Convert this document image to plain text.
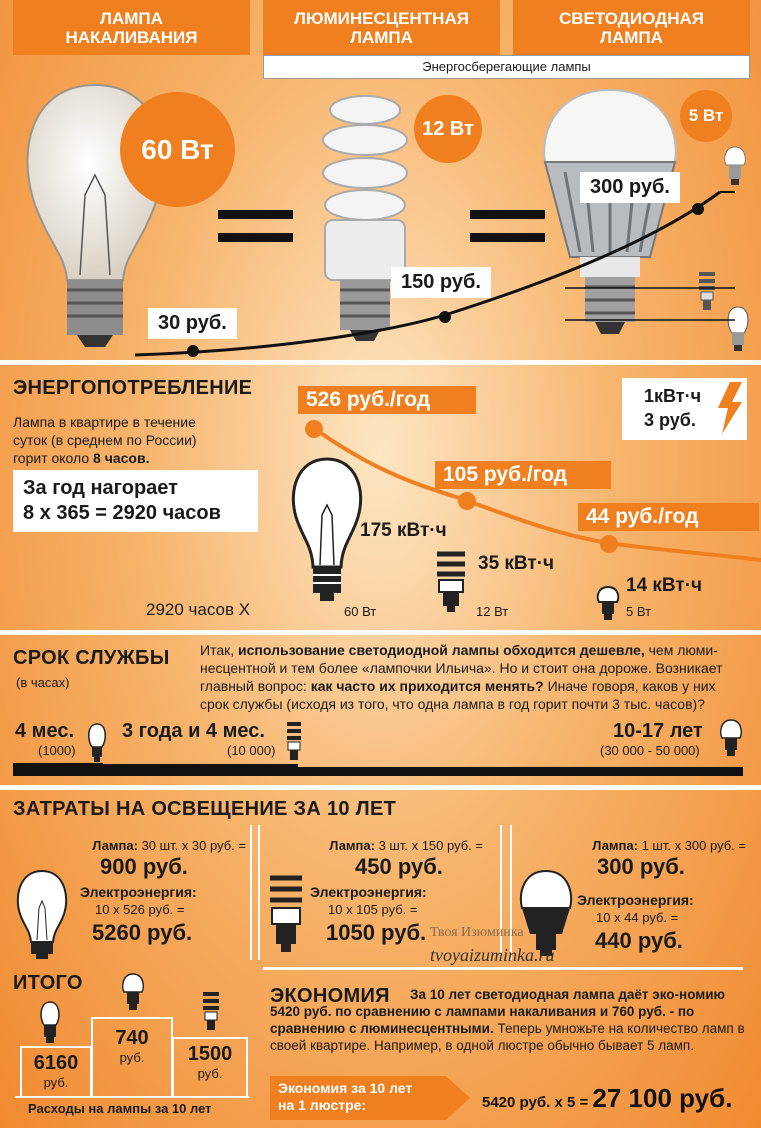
ЛАМПА
НАКАЛИВАНИЯ
ЛЮМИНЕСЦЕНТНАЯ
ЛАМПА
СВЕТОДИОДНАЯ
ЛАМПА
Энергосберегающие лампы
60 Вт
12 Вт
5 Вт
30 руб.
150 руб.
300 руб.
ЭНЕРГОПОТРЕБЛЕНИЕ
Лампа в квартире в течение
суток (в среднем по России)
горит около 8 часов.
За год нагорает
8 х 365 = 2920 часов
1кВт·ч
3 руб.
526 руб./год
105 руб./год
44 руб./год
175 кВт·ч
35 кВт·ч
14 кВт·ч
2920 часов Х	60 Вт	12 Вт	5 Вт
СРОК СЛУЖБЫ
(в часах)
Итак, использование светодиодной лампы обходится дешевле, чем люми-несцентной и тем более «лампочки Ильича». Но и стоит она дороже. Возникает главный вопрос: как часто их приходится менять? Иначе говоря, каков у них срок службы (исходя из того, что одна лампа в год горит почти 3 тыс. часов)?
4 мес.
(1000)
3 года и 4 мес.
(10 000)
10-17 лет
(30 000 - 50 000)
ЗАТРАТЫ НА ОСВЕЩЕНИЕ ЗА 10 ЛЕТ
Лампа: 30 шт. х 30 руб. =
900 руб.
Электроэнергия:
10 х 526 руб. =
5260 руб.
Лампа: 3 шт. х 150 руб. =
450 руб.
Электроэнергия:
10 х 105 руб. =
1050 руб.
Лампа: 1 шт. х 300 руб. =
300 руб.
Электроэнергия:
10 х 44 руб. =
440 руб.
Твоя Изюминка
tvoyaizuminka.ru
ИТОГО
6160
руб.
740
руб.	1500
руб.
Расходы на лампы за 10 лет
ЭКОНОМИЯ	За 10 лет светодиодная лампа даёт эко-номию 5420 руб. по сравнению с лампами накаливания и 760 руб. - по сравнению с люминесцентными. Теперь умножьте на количество ламп в своей квартире. Например, в одной люстре обычно бывает 5 ламп.
Экономия за 10 лет на 1 люстре:	5420 руб. х 5 = 27 100 руб.
